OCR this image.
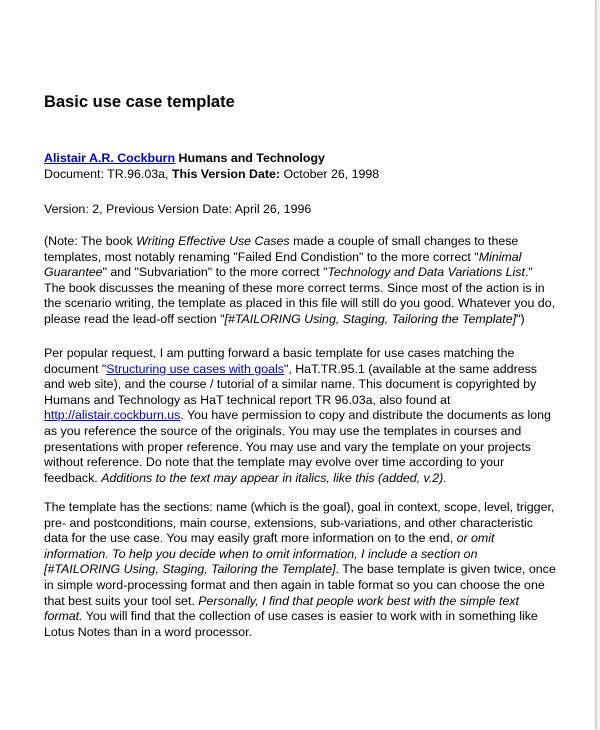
Basic use case template

Alistair A.R. Cockburn Humans and Technology

Document: TR.96.03a, This Version Date: October 26, 1998

Version: 2, Previous Version Date: April 26, 1996

(Note: The book Writing Effective Use Cases made a couple of small changes to these templates, most notably renaming "Failed End Condistion" to the more correct "Minimal Guarantee" and "Subvariation" to the more correct "Technology and Data Variations List." The book discusses the meaning of these more correct terms. Since most of the action is in the scenario writing, the template as placed in this file will still do you good. Whatever you do, please read the lead-off section "[#TAILORING Using, Staging, Tailoring the Template]")

Per popular request, I am putting forward a basic template for use cases matching the document "Structuring use cases with goals", HaT.TR.95.1 (available at the same address and web site), and the course / tutorial of a similar name. This document is copyrighted by Humans and Technology as HaT technical report TR 96.03a, also found at http://alistair.cockburn.us. You have permission to copy and distribute the documents as long as you reference the source of the originals. You may use the templates in courses and presentations with proper reference. You may use and vary the template on your projects without reference. Do note that the template may evolve over time according to your feedback. Additions to the text may appear in italics, like this (added, v.2).

The template has the sections: name (which is the goal), goal in context, scope, level, trigger, pre- and postconditions, main course, extensions, sub-variations, and other characteristic data for the use case. You may easily graft more information on to the end, or omit information. To help you decide when to omit information, I include a section on [#TAILORING Using, Staging, Tailoring the Template]. The base template is given twice, once in simple word-processing format and then again in table format so you can choose the one that best suits your tool set. Personally, I find that people work best with the simple text format. You will find that the collection of use cases is easier to work with in something like Lotus Notes than in a word processor.
